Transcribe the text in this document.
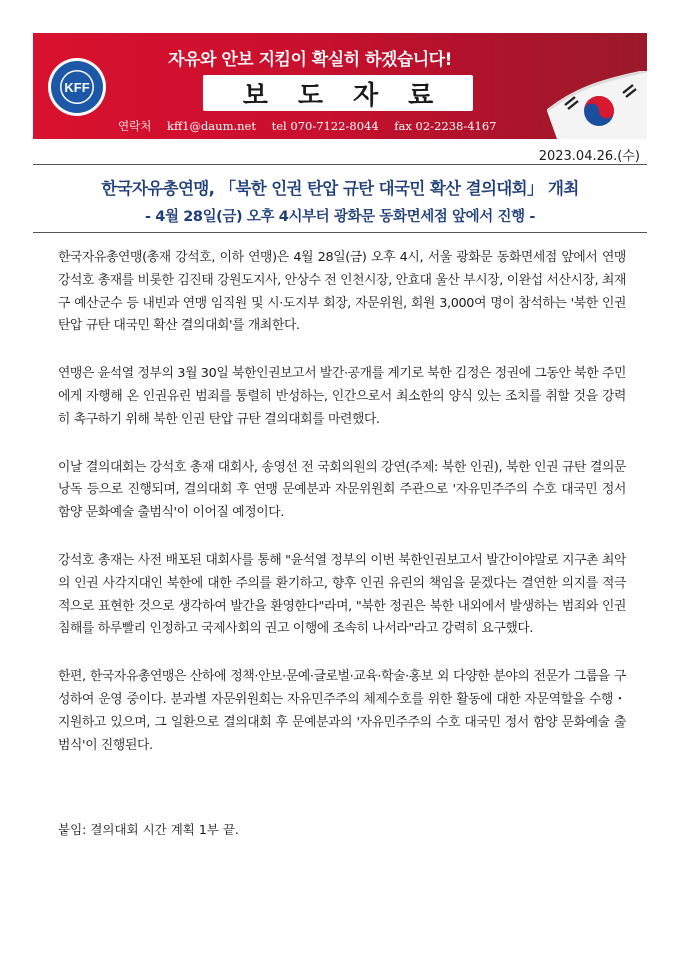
KFF
자유와 안보 지킴이 확실히 하겠습니다!
보도자료
연락처 kff1@daum.net tel 070-7122-8044 fax 02-2238-4167
2023.04.26.(수)
한국자유총연맹, 「북한 인권 탄압 규탄 대국민 확산 결의대회」 개최
- 4월 28일(금) 오후 4시부터 광화문 동화면세점 앞에서 진행 -

한국자유총연맹(총재 강석호, 이하 연맹)은 4월 28일(금) 오후 4시, 서울 광화문 동화면세점 앞에서 연맹 강석호 총재를 비롯한 김진태 강원도지사, 안상수 전 인천시장, 안효대 울산 부시장, 이완섭 서산시장, 최재구 예산군수 등 내빈과 연맹 임직원 및 시·도지부 회장, 자문위원, 회원 3,000여 명이 참석하는 '북한 인권 탄압 규탄 대국민 확산 결의대회'를 개최한다.

연맹은 윤석열 정부의 3월 30일 북한인권보고서 발간·공개를 계기로 북한 김정은 정권에 그동안 북한 주민에게 자행해 온 인권유린 범죄를 통렬히 반성하는, 인간으로서 최소한의 양식 있는 조치를 취할 것을 강력히 촉구하기 위해 북한 인권 탄압 규탄 결의대회를 마련했다.

이날 결의대회는 강석호 총재 대회사, 송영선 전 국회의원의 강연(주제: 북한 인권), 북한 인권 규탄 결의문 낭독 등으로 진행되며, 결의대회 후 연맹 문예분과 자문위원회 주관으로 '자유민주주의 수호 대국민 정서 함양 문화예술 출범식'이 이어질 예정이다.

강석호 총재는 사전 배포된 대회사를 통해 "윤석열 정부의 이번 북한인권보고서 발간이야말로 지구촌 최악의 인권 사각지대인 북한에 대한 주의를 환기하고, 향후 인권 유린의 책임을 묻겠다는 결연한 의지를 적극적으로 표현한 것으로 생각하여 발간을 환영한다"라며, "북한 정권은 북한 내외에서 발생하는 범죄와 인권 침해를 하루빨리 인정하고 국제사회의 권고 이행에 조속히 나서라"라고 강력히 요구했다.

한편, 한국자유총연맹은 산하에 정책·안보·문예·글로벌·교육·학술·홍보 외 다양한 분야의 전문가 그룹을 구성하여 운영 중이다. 분과별 자문위원회는 자유민주주의 체제수호를 위한 활동에 대한 자문역할을 수행・지원하고 있으며, 그 일환으로 결의대회 후 문예분과의 '자유민주주의 수호 대국민 정서 함양 문화예술 출범식'이 진행된다.

붙임: 결의대회 시간 계획 1부 끝.
